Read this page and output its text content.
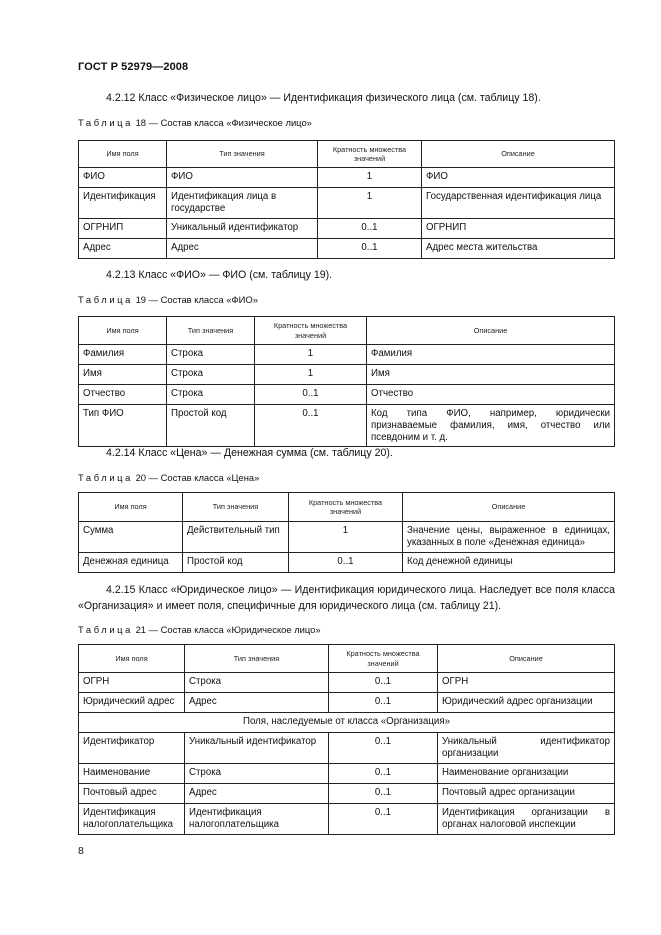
ГОСТ Р 52979—2008
4.2.12 Класс «Физическое лицо» — Идентификация физического лица (см. таблицу 18).
Таблица 18 — Состав класса «Физическое лицо»
Имя поля	Тип значения	Кратность множества значений	Описание
ФИО	ФИО	1	ФИО
Идентификация	Идентификация лица в государстве	1	Государственная идентификация лица
ОГРНИП	Уникальный идентификатор	0..1	ОГРНИП
Адрес	Адрес	0..1	Адрес места жительства
4.2.13 Класс «ФИО» — ФИО (см. таблицу 19).
Таблица 19 — Состав класса «ФИО»
Имя поля	Тип значения	Кратность множества значений	Описание
Фамилия	Строка	1	Фамилия
Имя	Строка	1	Имя
Отчество	Строка	0..1	Отчество
Тип ФИО	Простой код	0..1	Код типа ФИО, например, юридически признаваемые фамилия, имя, отчество или псевдоним и т. д.
4.2.14 Класс «Цена» — Денежная сумма (см. таблицу 20).
Таблица 20 — Состав класса «Цена»
Имя поля	Тип значения	Кратность множества значений	Описание
Сумма	Действительный тип	1	Значение цены, выраженное в единицах, указанных в поле «Денежная единица»
Денежная единица	Простой код	0..1	Код денежной единицы
4.2.15 Класс «Юридическое лицо» — Идентификация юридического лица. Наследует все поля класса «Организация» и имеет поля, специфичные для юридического лица (см. таблицу 21).
Таблица 21 — Состав класса «Юридическое лицо»
Имя поля	Тип значения	Кратность множества значений	Описание
ОГРН	Строка	0..1	ОГРН
Юридический адрес	Адрес	0..1	Юридический адрес организации
Поля, наследуемые от класса «Организация»			
Идентификатор	Уникальный идентификатор	0..1	Уникальный идентификатор организации
Наименование	Строка	0..1	Наименование организации
Почтовый адрес	Адрес	0..1	Почтовый адрес организации
Идентификация налогоплательщика	Идентификация налогоплательщика	0..1	Идентификация организации в органах налоговой инспекции
8
